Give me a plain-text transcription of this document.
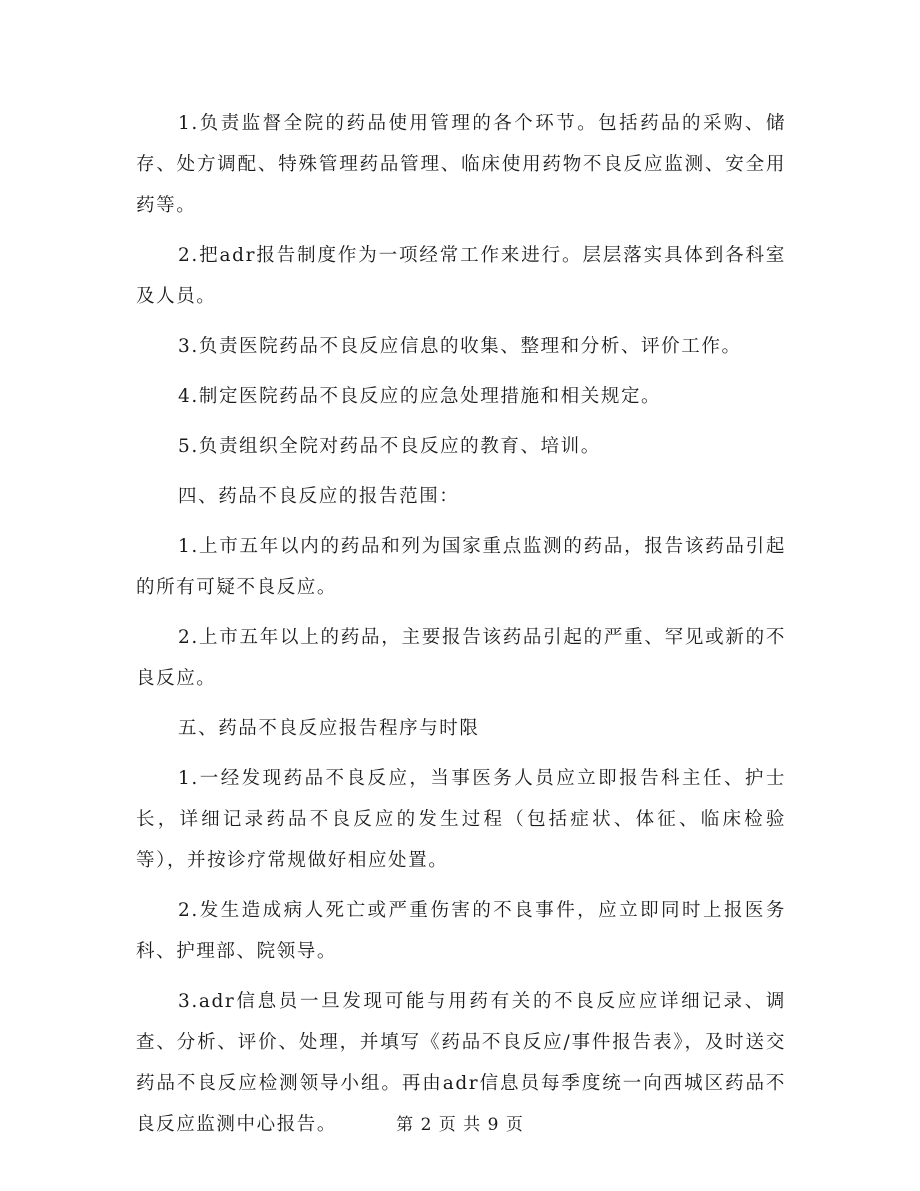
1.负责监督全院的药品使用管理的各个环节。包括药品的采购、储存、处方调配、特殊管理药品管理、临床使用药物不良反应监测、安全用药等。

2.把adr报告制度作为一项经常工作来进行。层层落实具体到各科室及人员。

3.负责医院药品不良反应信息的收集、整理和分析、评价工作。

4.制定医院药品不良反应的应急处理措施和相关规定。

5.负责组织全院对药品不良反应的教育、培训。

四、药品不良反应的报告范围：

1.上市五年以内的药品和列为国家重点监测的药品，报告该药品引起的所有可疑不良反应。

2.上市五年以上的药品，主要报告该药品引起的严重、罕见或新的不良反应。

五、药品不良反应报告程序与时限

1.一经发现药品不良反应，当事医务人员应立即报告科主任、护士长，详细记录药品不良反应的发生过程（包括症状、体征、临床检验等），并按诊疗常规做好相应处置。

2.发生造成病人死亡或严重伤害的不良事件，应立即同时上报医务科、护理部、院领导。

3.adr信息员一旦发现可能与用药有关的不良反应应详细记录、调查、分析、评价、处理，并填写《药品不良反应/事件报告表》，及时送交药品不良反应检测领导小组。再由adr信息员每季度统一向西城区药品不良反应监测中心报告。	第 2 页 共 9 页
